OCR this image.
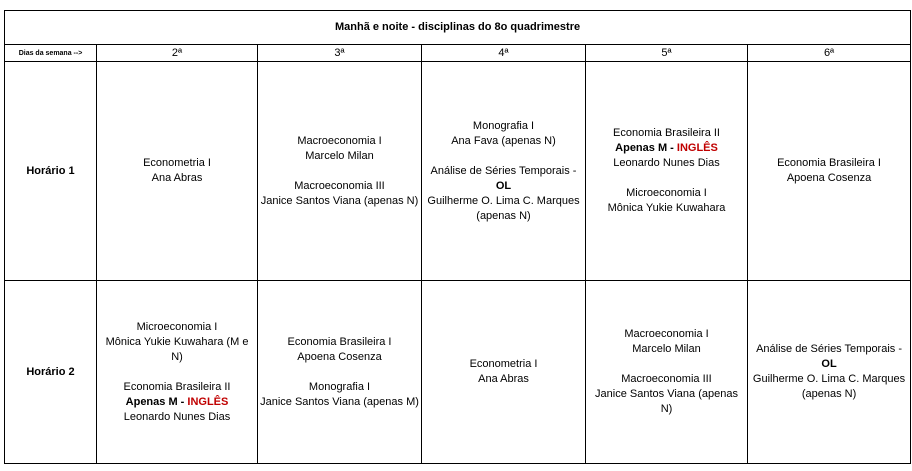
Manhã e noite - disciplinas do 8o quadrimestre					
Dias da semana -->	2ª	3ª	4ª	5ª	6ª
Horário 1	Econometria I
Ana Abras	Macroeconomia I
Marcelo Milan
Macroeconomia III
Janice Santos Viana (apenas N)	Monografia I
Ana Fava (apenas N)
Análise de Séries Temporais - OL
Guilherme O. Lima C. Marques
(apenas N)	Economia Brasileira II
Apenas M - INGLÊS
Leonardo Nunes Dias
Microeconomia I
Mônica Yukie Kuwahara	Economia Brasileira I
Apoena Cosenza

Horário 2	Microeconomia I
Mônica Yukie Kuwahara (M e N)
Economia Brasileira II
Apenas M - INGLÊS
Leonardo Nunes Dias	Economia Brasileira I
Apoena Cosenza
Monografia I
Janice Santos Viana (apenas M)	Econometria I
Ana Abras	Macroeconomia I
Marcelo Milan
Macroeconomia III
Janice Santos Viana (apenas N)	Análise de Séries Temporais - OL
Guilherme O. Lima C. Marques
(apenas N)
